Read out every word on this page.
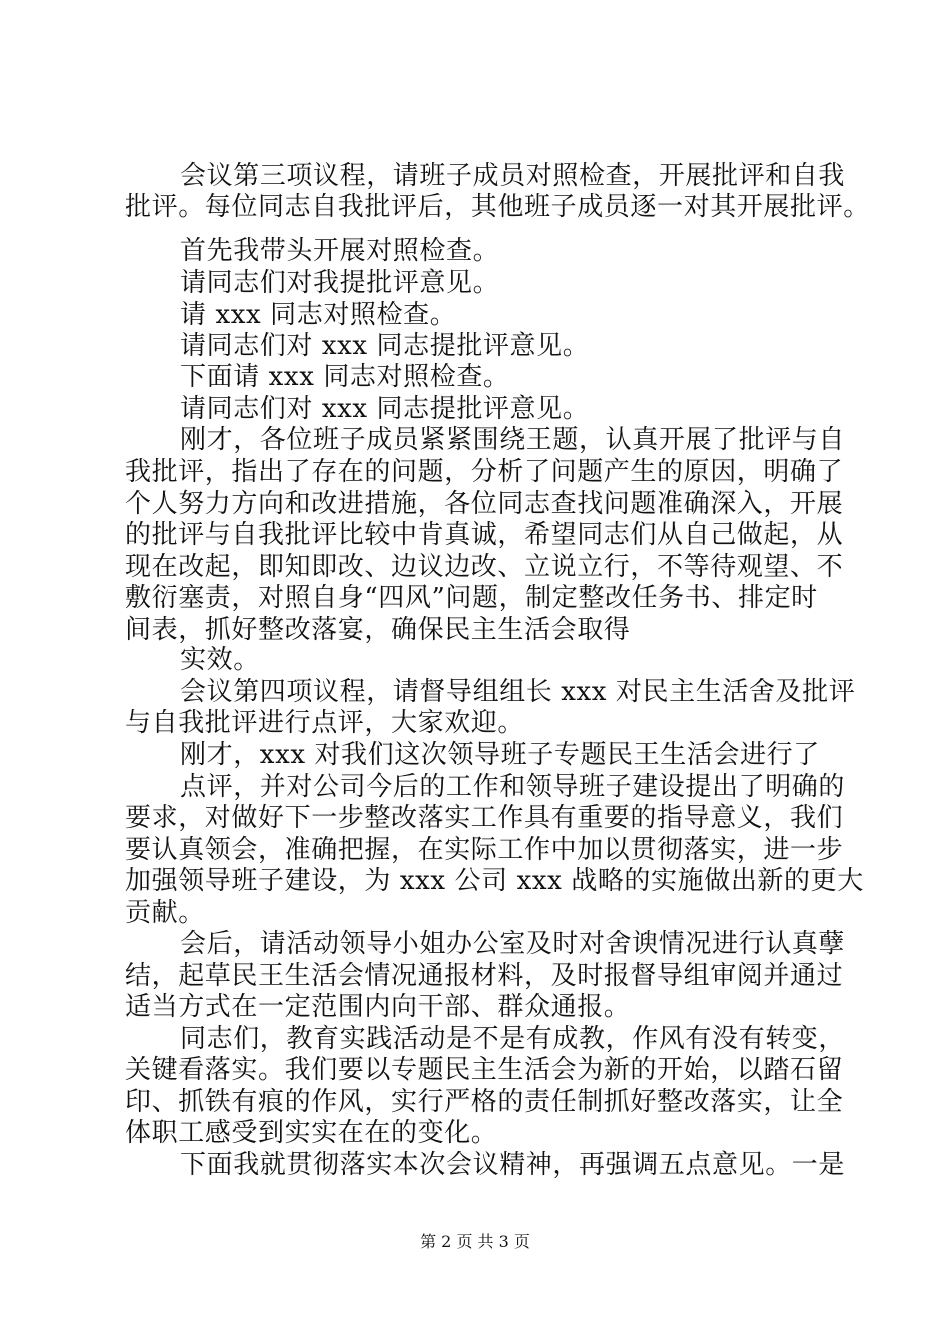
会议第三项议程，请班子成员对照检查，开展批评和自我
批评。每位同志自我批评后，其他班子成员逐一对其开展批评。
首先我带头开展对照检查。
请同志们对我提批评意见。
请 xxx 同志对照检查。
请同志们对 xxx 同志提批评意见。
下面请 xxx 同志对照检查。
请同志们对 xxx 同志提批评意见。
刚才，各位班子成员紧紧围绕王题，认真开展了批评与自
我批评，指出了存在的问题，分析了问题产生的原因，明确了
个人努力方向和改进措施，各位同志查找问题准确深入，开展
的批评与自我批评比较中肯真诚，希望同志们从自己做起，从
现在改起，即知即改、边议边改、立说立行，不等待观望、不
敷衍塞责，对照自身“四风”问题，制定整改任务书、排定时
间表，抓好整改落宴，确保民主生活会取得
实效。
会议第四项议程，请督导组组长 xxx 对民主生活舍及批评
与自我批评进行点评，大家欢迎。
刚才，xxx 对我们这次领导班子专题民王生活会进行了
点评，并对公司今后的工作和领导班子建设提出了明确的
要求，对做好下一步整改落实工作具有重要的指导意义，我们
要认真领会，准确把握，在实际工作中加以贯彻落实，进一步
加强领导班子建设，为 xxx 公司 xxx 战略的实施做出新的更大
贡献。
会后，请活动领导小姐办公室及时对舍谀情况进行认真孽
结，起草民王生活会情况通报材料，及时报督导组审阅并通过
适当方式在一定范围内向干部、群众通报。
同志们，教育实践活动是不是有成教，作风有没有转变，
关键看落实。我们要以专题民主生活会为新的开始，以踏石留
印、抓铁有痕的作风，实行严格的责任制抓好整改落实，让全
体职工感受到实实在在的变化。
下面我就贯彻落实本次会议精神，再强调五点意见。一是
第 2 页 共 3 页
